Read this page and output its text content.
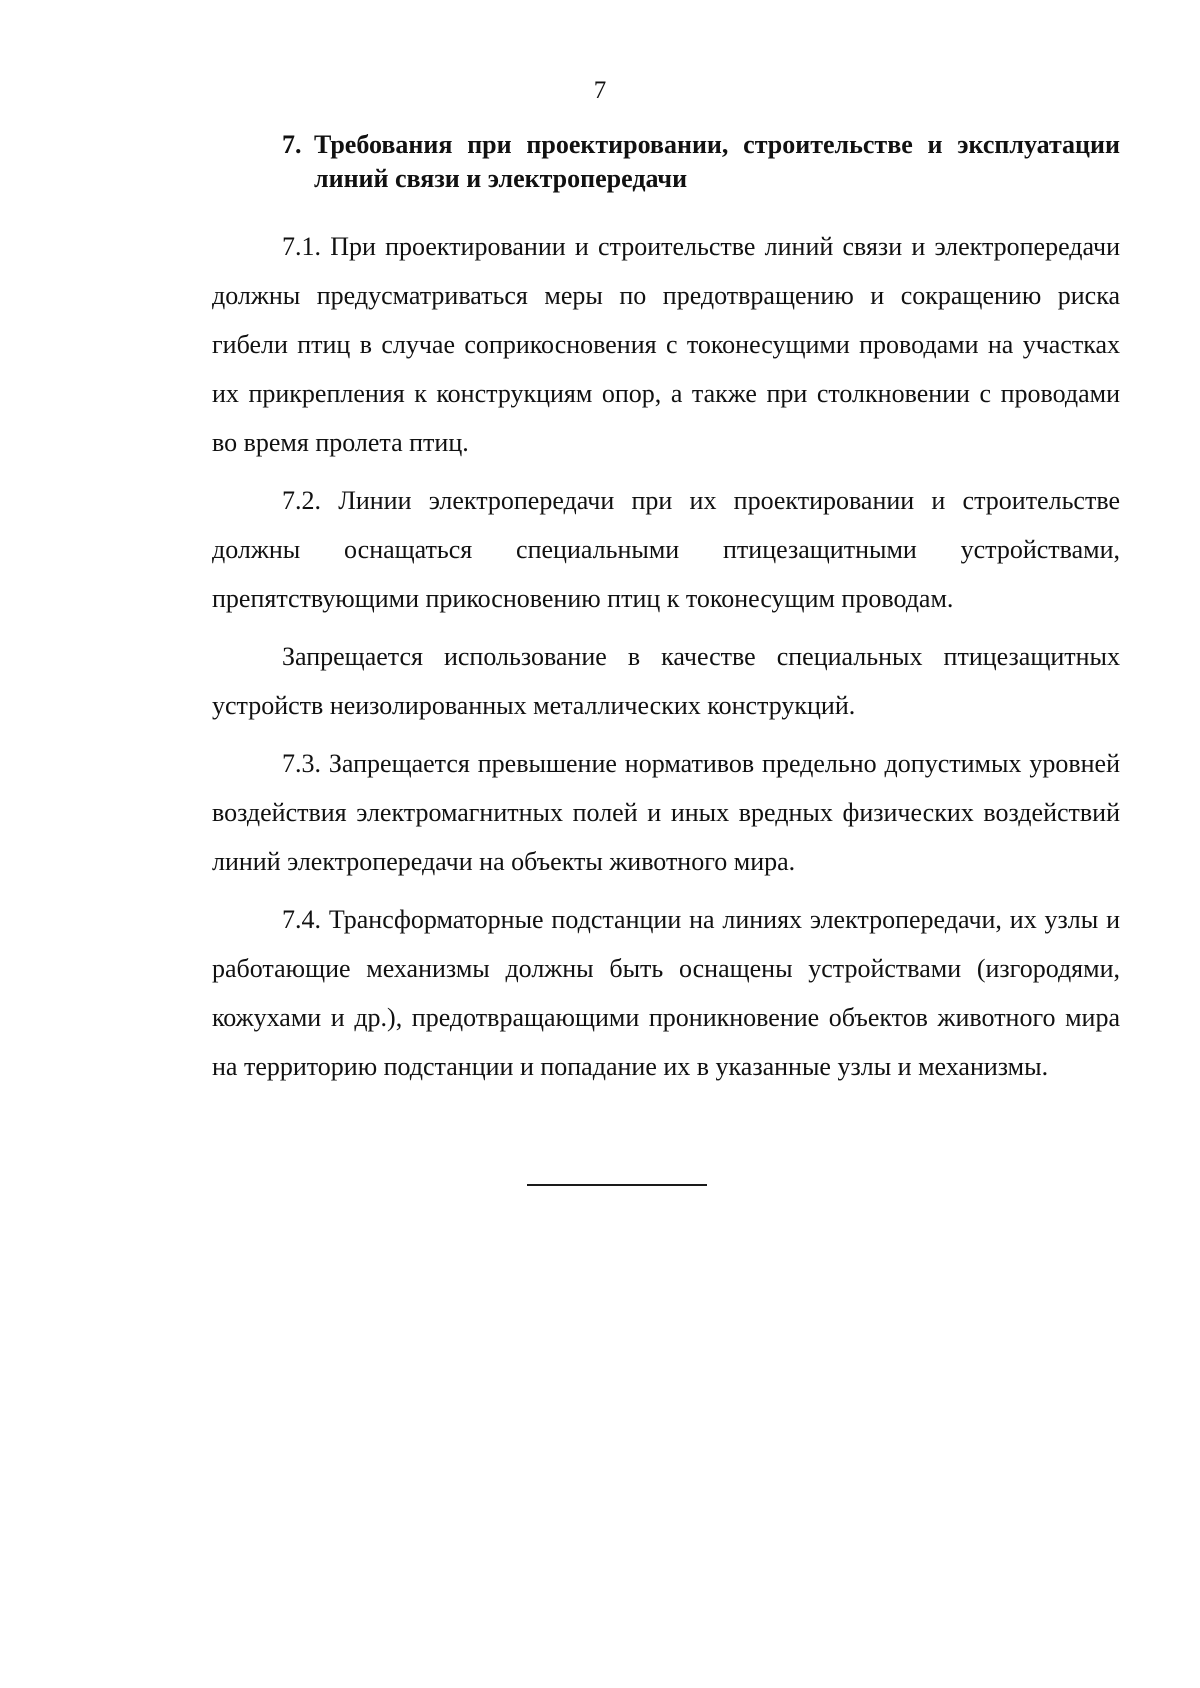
7
7. Требования при проектировании, строительстве и эксплуатации линий связи и электропередачи

7.1. При проектировании и строительстве линий связи и электропередачи должны предусматриваться меры по предотвращению и сокращению риска гибели птиц в случае соприкосновения с токонесущими проводами на участках их прикрепления к конструкциям опор, а также при столкновении с проводами во время пролета птиц.

7.2. Линии электропередачи при их проектировании и строительстве должны оснащаться специальными птицезащитными устройствами, препятствующими прикосновению птиц к токонесущим проводам.

Запрещается использование в качестве специальных птицезащитных устройств неизолированных металлических конструкций.

7.3. Запрещается превышение нормативов предельно допустимых уровней воздействия электромагнитных полей и иных вредных физических воздействий линий электропередачи на объекты животного мира.

7.4. Трансформаторные подстанции на линиях электропередачи, их узлы и работающие механизмы должны быть оснащены устройствами (изгородями, кожухами и др.), предотвращающими проникновение объектов животного мира на территорию подстанции и попадание их в указанные узлы и механизмы.
